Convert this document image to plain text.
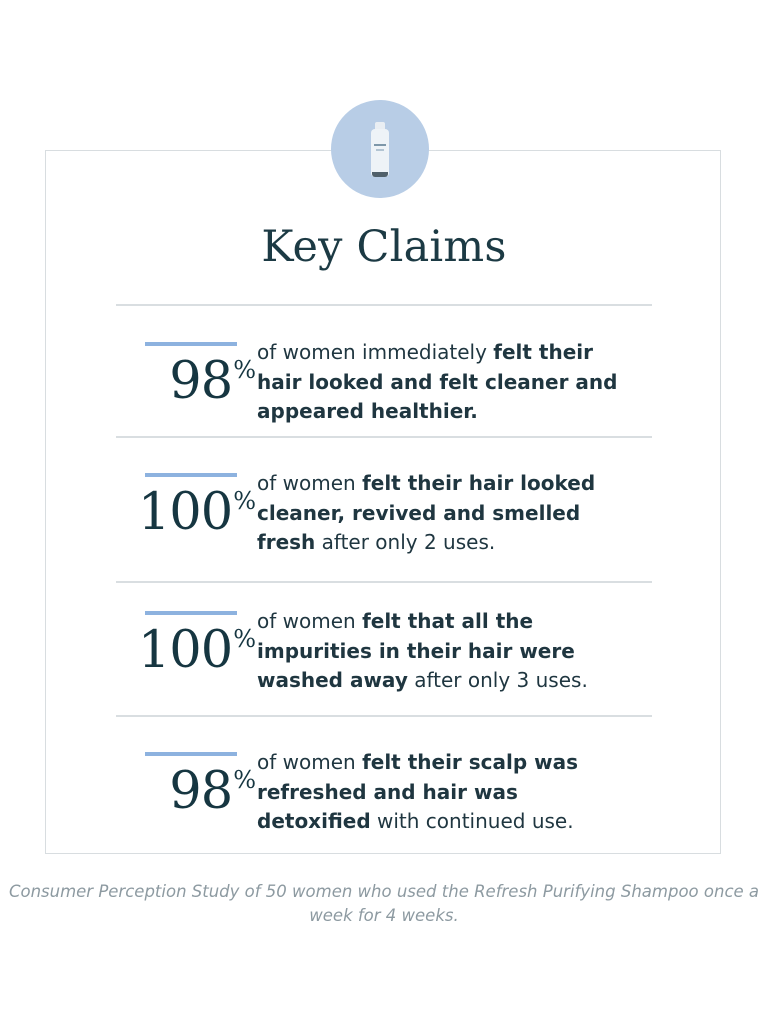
Key Claims
98%
of women immediately felt their hair looked and felt cleaner and appeared healthier.
100%
of women felt their hair looked cleaner, revived and smelled fresh after only 2 uses.
100%
of women felt that all the impurities in their hair were washed away after only 3 uses.
98%
of women felt their scalp was refreshed and hair was detoxified with continued use.
Consumer Perception Study of 50 women who used the Refresh Purifying Shampoo once a week for 4 weeks.
